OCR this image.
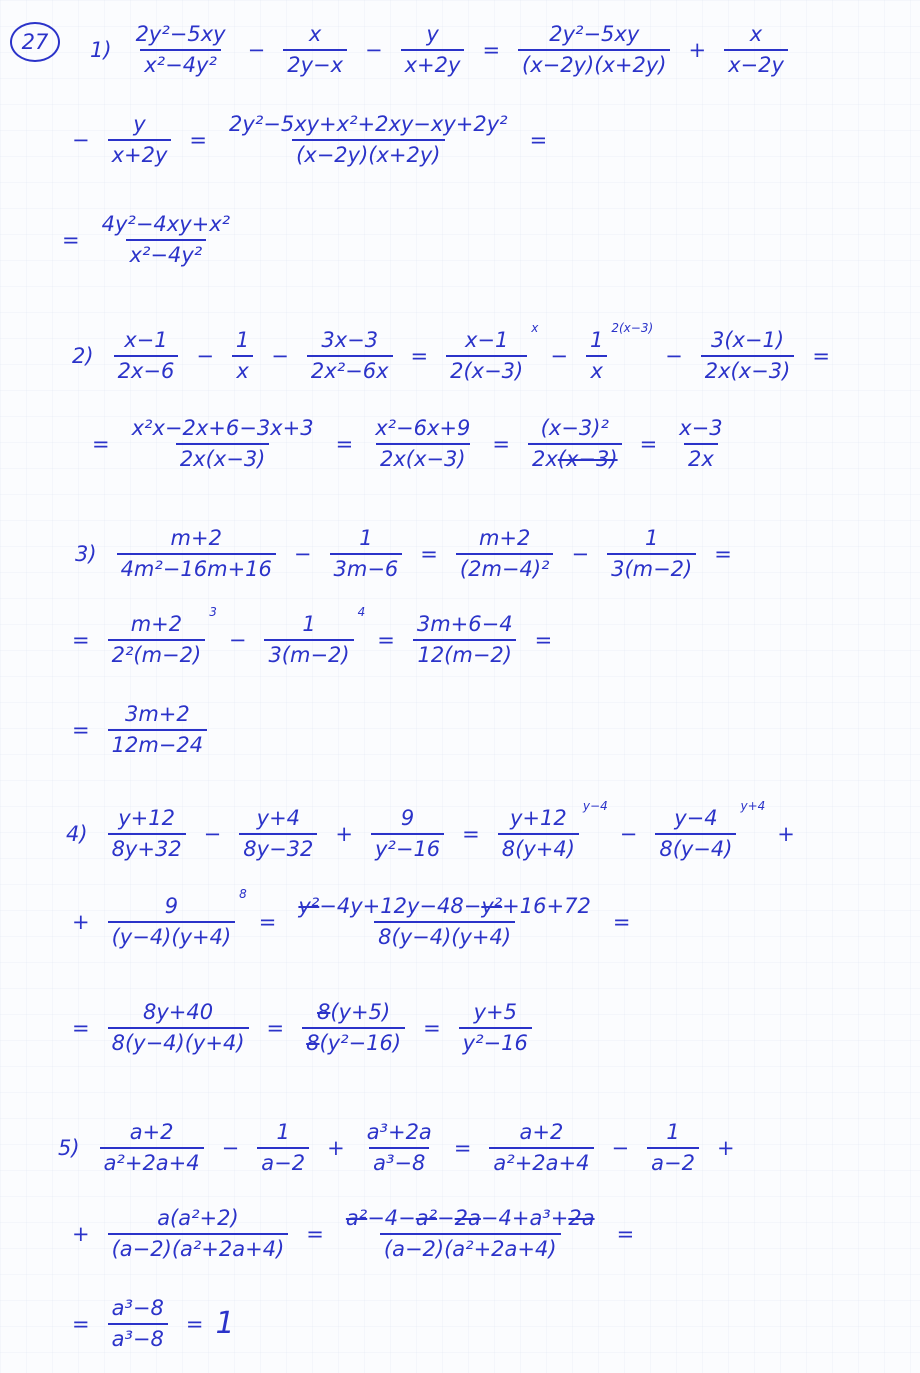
27 $1) \frac{\text{2y²−5xy}}{\text{x²−4y²}} - \frac{x}{2y-x} - \frac{y}{x+2y} = \frac{\text{2y²−5xy}}{(x-2y)(x+2y)} + \frac{x}{x-2y}$
− $\frac{y}{x+2y} = \frac{\text{2y²−5xy+x²+2xy−xy+2y²}}{(x-2y)(x+2y)}$ =
= $\frac{\text{4y²−4xy+x²}}{\text{x²−4y²}}$
$2) \frac{x-1}{2x-6} - \frac{1}{x} - \frac{3x-3}{\text{2x²−6x}} = \frac{x-1}{2(x-3)}$
x
− $\frac{1}{x}$
2(x−3)
− $\frac{3(x-1)}{2x(x-3)}$ =
= $\frac{\text{x²x−2x+6−3x+3}}{2x(x-3)} = \frac{\text{x²−6x+9}}{2x(x-3)} = \frac{\text{(x−3)²}}{2x(x-3)} = \frac{x-3}{2x}$
$3) \frac{m+2}{\text{4m²−16m+16}} - \frac{1}{3m-6} = \frac{m+2}{\text{(2m−4)²}} - \frac{1}{3(m-2)}$ =
= $\frac{m+2}{\text{2²(m−2)}}$
3
− $\frac{1}{3(m-2)}$
4
= $\frac{3m+6-4}{12(m-2)}$ =
= $\frac{3m+2}{12m-24}$
$4) \frac{y+12}{8y+32} - \frac{y+4}{8y-32} + \frac{9}{\text{y²−16}} = \frac{y+12}{8(y+4)}$
y−4
− $\frac{y-4}{8(y-4)}$
y+4
+
+ $\frac{9}{(y-4)(y+4)}$
8
= $\frac{\text{y²−4y+12y−48−y²+16+72}}{8(y-4)(y+4)}$ =
= $\frac{8y+40}{8(y-4)(y+4)} = \frac{8(y+5)}{\text{8(y²−16)}} = \frac{y+5}{\text{y²−16}}$
$5) \frac{a+2}{\text{a²+2a+4}} - \frac{1}{a-2} + \frac{\text{a³+2a}}{\text{a³−8}} = \frac{a+2}{\text{a²+2a+4}} - \frac{1}{a-2}$ +
+ $\frac{\text{a(a²+2)}}{\text{(a−2)(a²+2a+4)}} = \frac{\text{a²−4−a²−2a−4+a³+2a}}{\text{(a−2)(a²+2a+4)}}$ =
= $\frac{\text{a³−8}}{\text{a³−8}} = 1$
